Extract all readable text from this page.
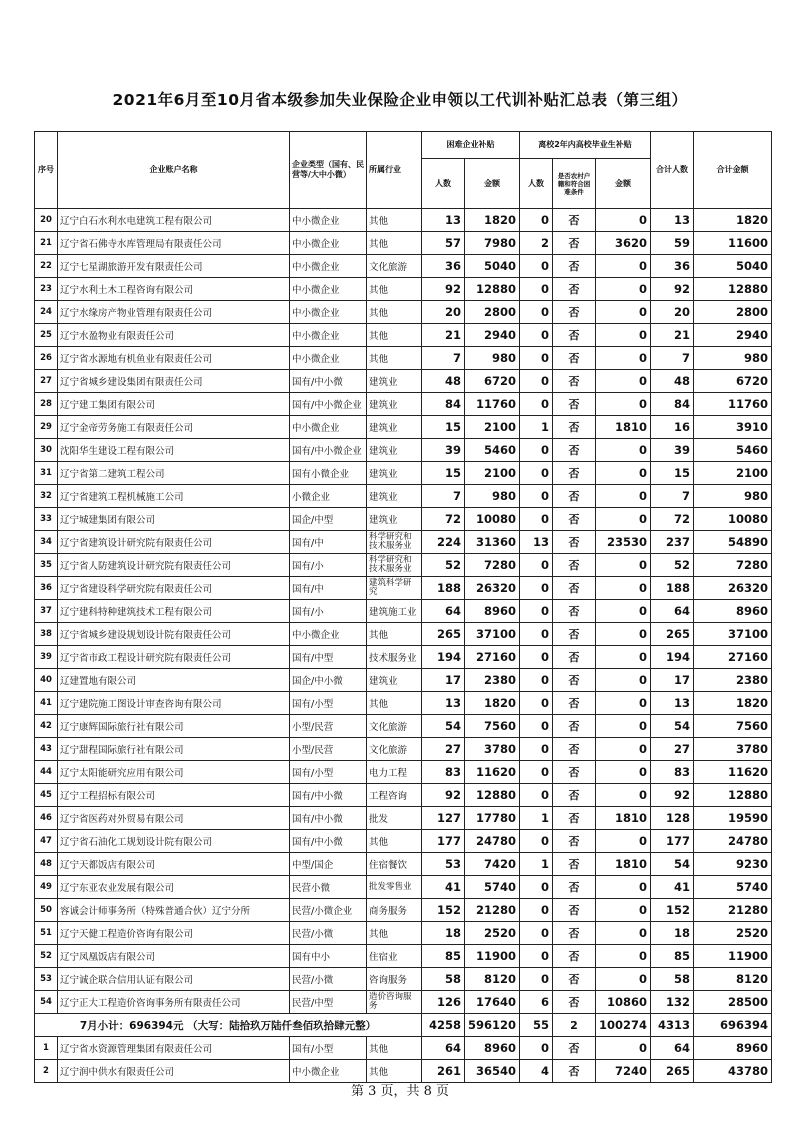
2021年6月至10月省本级参加失业保险企业申领以工代训补贴汇总表（第三组）
序号	企业账户名称	企业类型（国有、民营等/大中小微）	所属行业	困难企业补贴		离校2年内高校毕业生补贴			合计人数	合计金额
				人数	金额	人数	是否农村户籍和符合困难条件	金额		
20	辽宁白石水利水电建筑工程有限公司	中小微企业	其他	13	1820	0	否	0	13	1820
21	辽宁省石佛寺水库管理局有限责任公司	中小微企业	其他	57	7980	2	否	3620	59	11600
22	辽宁七星湖旅游开发有限责任公司	中小微企业	文化旅游	36	5040	0	否	0	36	5040
23	辽宁水利土木工程咨询有限公司	中小微企业	其他	92	12880	0	否	0	92	12880
24	辽宁水缘房产物业管理有限责任公司	中小微企业	其他	20	2800	0	否	0	20	2800
25	辽宁水盈物业有限责任公司	中小微企业	其他	21	2940	0	否	0	21	2940
26	辽宁省水源地有机鱼业有限责任公司	中小微企业	其他	7	980	0	否	0	7	980
27	辽宁省城乡建设集团有限责任公司	国有/中小微	建筑业	48	6720	0	否	0	48	6720
28	辽宁建工集团有限公司	国有/中小微企业	建筑业	84	11760	0	否	0	84	11760
29	辽宁金帝劳务施工有限责任公司	中小微企业	建筑业	15	2100	1	否	1810	16	3910
30	沈阳华生建设工程有限公司	国有/中小微企业	建筑业	39	5460	0	否	0	39	5460
31	辽宁省第二建筑工程公司	国有小微企业	建筑业	15	2100	0	否	0	15	2100
32	辽宁省建筑工程机械施工公司	小微企业	建筑业	7	980	0	否	0	7	980
33	辽宁城建集团有限公司	国企/中型	建筑业	72	10080	0	否	0	72	10080
34	辽宁省建筑设计研究院有限责任公司	国有/中	科学研究和技术服务业	224	31360	13	否	23530	237	54890
35	辽宁省人防建筑设计研究院有限责任公司	国有/小	科学研究和技术服务业	52	7280	0	否	0	52	7280
36	辽宁省建设科学研究院有限责任公司	国有/中	建筑科学研究	188	26320	0	否	0	188	26320
37	辽宁建科特种建筑技术工程有限公司	国有/小	建筑施工业	64	8960	0	否	0	64	8960
38	辽宁省城乡建设规划设计院有限责任公司	中小微企业	其他	265	37100	0	否	0	265	37100
39	辽宁省市政工程设计研究院有限责任公司	国有/中型	技术服务业	194	27160	0	否	0	194	27160
40	辽建置地有限公司	国企/中小微	建筑业	17	2380	0	否	0	17	2380
41	辽宁建院施工图设计审查咨询有限公司	国有/小型	其他	13	1820	0	否	0	13	1820
42	辽宁康辉国际旅行社有限公司	小型/民营	文化旅游	54	7560	0	否	0	54	7560
43	辽宁甜程国际旅行社有限公司	小型/民营	文化旅游	27	3780	0	否	0	27	3780
44	辽宁太阳能研究应用有限公司	国有/小型	电力工程	83	11620	0	否	0	83	11620
45	辽宁工程招标有限公司	国有/中小微	工程咨询	92	12880	0	否	0	92	12880
46	辽宁省医药对外贸易有限公司	国有/中小微	批发	127	17780	1	否	1810	128	19590
47	辽宁省石油化工规划设计院有限公司	国有/中小微	其他	177	24780	0	否	0	177	24780
48	辽宁天都饭店有限公司	中型/国企	住宿餐饮	53	7420	1	否	1810	54	9230
49	辽宁东亚农业发展有限公司	民营小微	批发零售业	41	5740	0	否	0	41	5740
50	容诚会计师事务所（特殊普通合伙）辽宁分所	民营/小微企业	商务服务	152	21280	0	否	0	152	21280
51	辽宁天健工程造价咨询有限公司	民营/小微	其他	18	2520	0	否	0	18	2520
52	辽宁凤凰饭店有限公司	国有中小	住宿业	85	11900	0	否	0	85	11900
53	辽宁诚企联合信用认证有限公司	民营/小微	咨询服务	58	8120	0	否	0	58	8120
54	辽宁正大工程造价咨询事务所有限责任公司	民营/中型	造价咨询服务	126	17640	6	否	10860	132	28500
7月小计：696394元 （大写：陆拾玖万陆仟叁佰玖拾肆元整）				4258	596120	55	2	100274	4313	696394
1	辽宁省水资源管理集团有限责任公司	国有/小型	其他	64	8960	0	否	0	64	8960
2	辽宁润中供水有限责任公司	中小微企业	其他	261	36540	4	否	7240	265	43780
第 3 页，共 8 页
